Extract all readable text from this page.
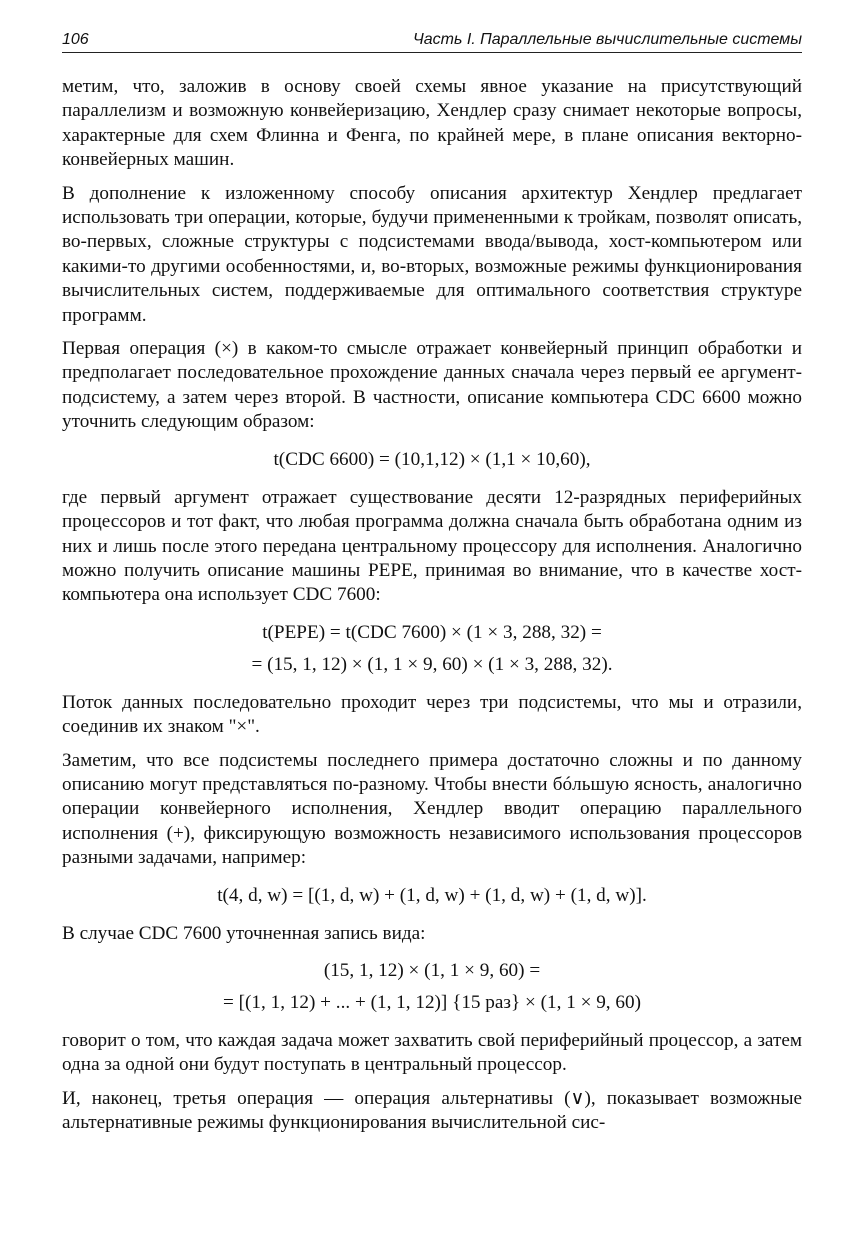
106	Часть I. Параллельные вычислительные системы

метим, что, заложив в основу своей схемы явное указание на присутствующий параллелизм и возможную конвейеризацию, Хендлер сразу снимает некоторые вопросы, характерные для схем Флинна и Фенга, по крайней мере, в плане описания векторно-конвейерных машин.

В дополнение к изложенному способу описания архитектур Хендлер предлагает использовать три операции, которые, будучи примененными к тройкам, позволят описать, во-первых, сложные структуры с подсистемами ввода/вывода, хост-компьютером или какими-то другими особенностями, и, во-вторых, возможные режимы функционирования вычислительных систем, поддерживаемые для оптимального соответствия структуре программ.

Первая операция (×) в каком-то смысле отражает конвейерный принцип обработки и предполагает последовательное прохождение данных сначала через первый ее аргумент-подсистему, а затем через второй. В частности, описание компьютера CDC 6600 можно уточнить следующим образом:

t(CDC 6600) = (10,1,12) × (1,1 × 10,60),

где первый аргумент отражает существование десяти 12-разрядных периферийных процессоров и тот факт, что любая программа должна сначала быть обработана одним из них и лишь после этого передана центральному процессору для исполнения. Аналогично можно получить описание машины PEPE, принимая во внимание, что в качестве хост-компьютера она использует CDC 7600:

t(PEPE) = t(CDC 7600) × (1 × 3, 288, 32) =
= (15, 1, 12) × (1, 1 × 9, 60) × (1 × 3, 288, 32).

Поток данных последовательно проходит через три подсистемы, что мы и отразили, соединив их знаком "×".

Заметим, что все подсистемы последнего примера достаточно сложны и по данному описанию могут представляться по-разному. Чтобы внести бóльшую ясность, аналогично операции конвейерного исполнения, Хендлер вводит операцию параллельного исполнения (+), фиксирующую возможность независимого использования процессоров разными задачами, например:

t(4, d, w) = [(1, d, w) + (1, d, w) + (1, d, w) + (1, d, w)].

В случае CDC 7600 уточненная запись вида:

(15, 1, 12) × (1, 1 × 9, 60) =
= [(1, 1, 12) + ... + (1, 1, 12)] {15 раз} × (1, 1 × 9, 60)

говорит о том, что каждая задача может захватить свой периферийный процессор, а затем одна за одной они будут поступать в центральный процессор.

И, наконец, третья операция — операция альтернативы (∨), показывает возможные альтернативные режимы функционирования вычислительной сис-
